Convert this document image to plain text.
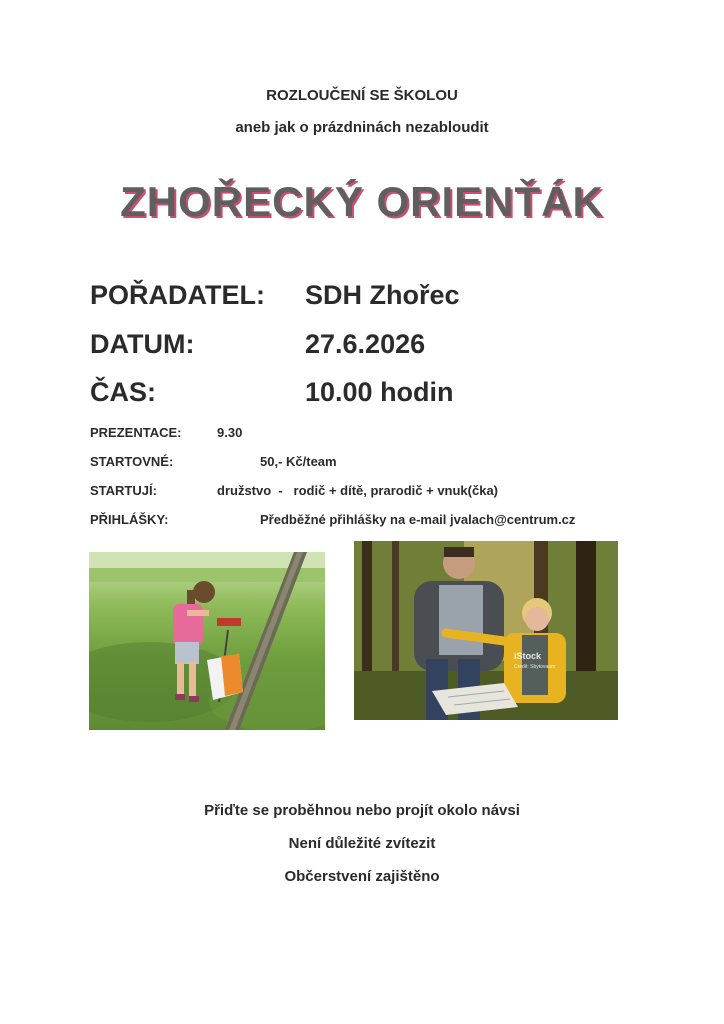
ROZLOUČENÍ SE ŠKOLOU
aneb jak o prázdninách nezabloudit
ZHOŘECKÝ ORIENŤÁK
POŘADATEL: SDH Zhořec
DATUM:	27.6.2026
ČAS:	10.00 hodin
PREZENTACE:	9.30
STARTOVNÉ:	50,- Kč/team
STARTUJÍ:	družstvo  -   rodič + dítě, prarodič + vnuk(čka)
PŘIHLÁŠKY:	Předběžné přihlášky na e-mail jvalach@centrum.cz
iStock
Credit: Sbytovaam
Přiďte se proběhnou nebo projít okolo návsi
Není důležité zvítezit
Občerstvení zajištěno
